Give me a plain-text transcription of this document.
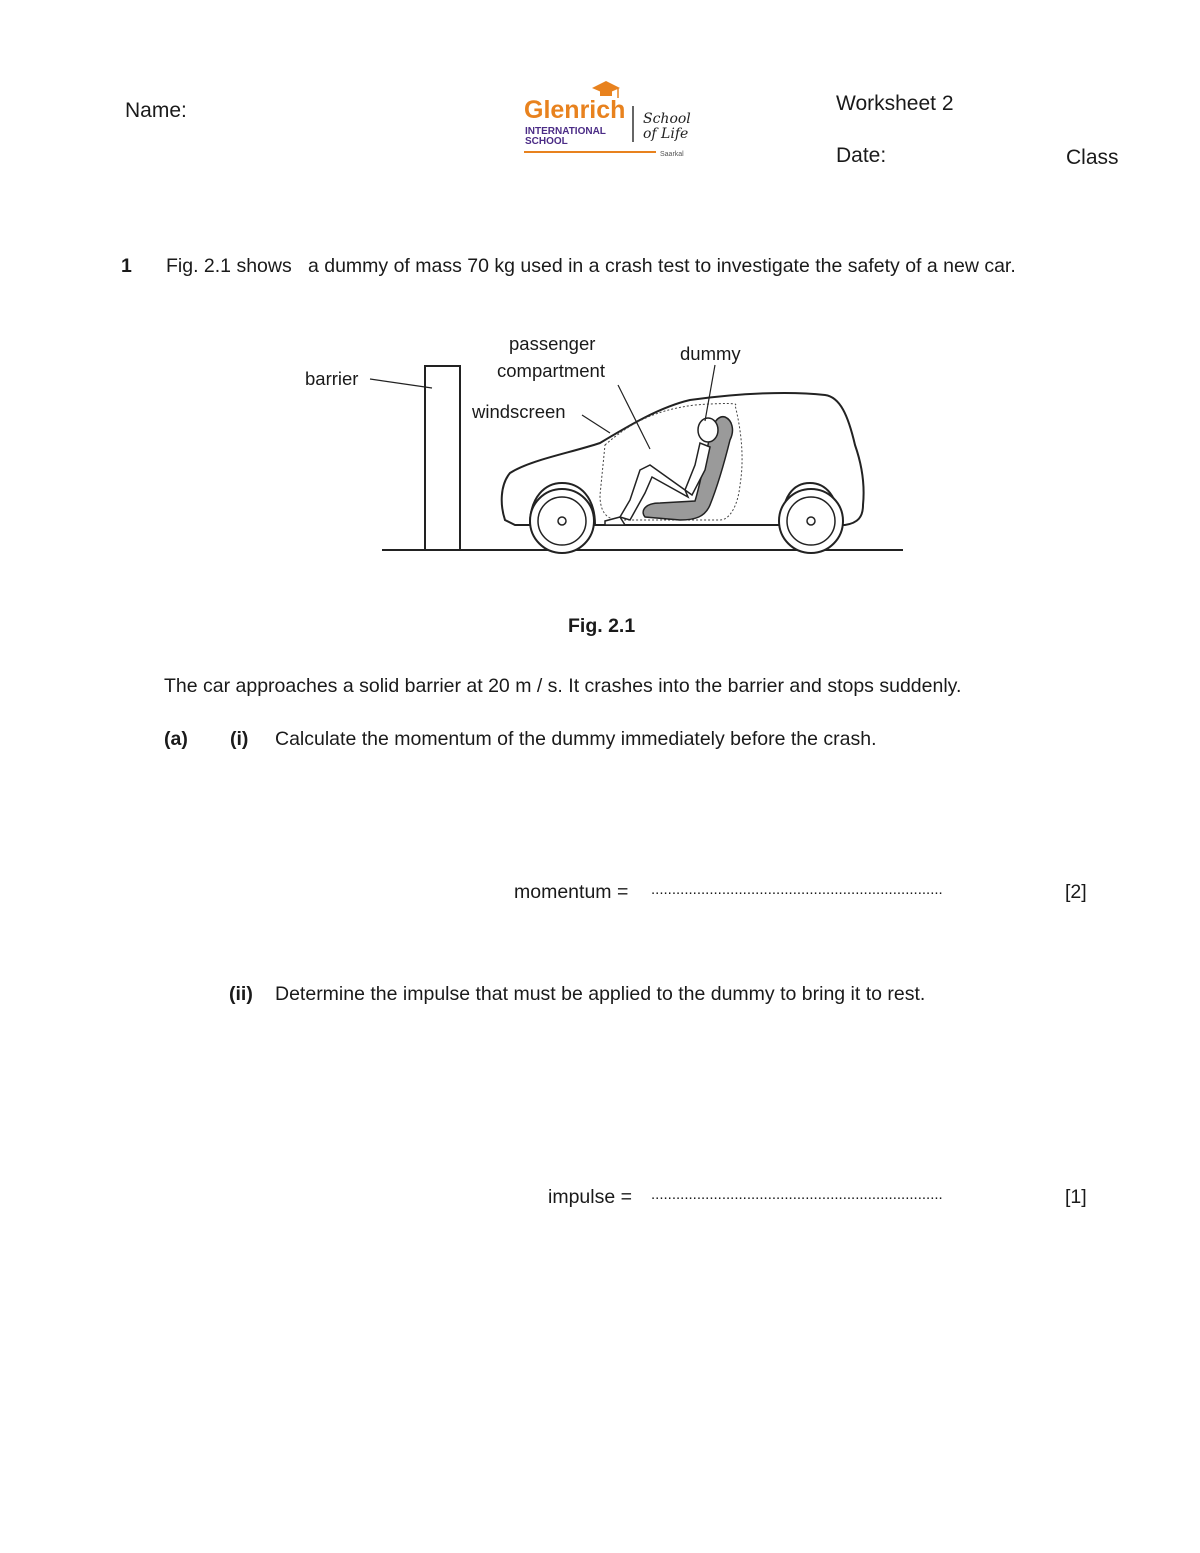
Name:	Glenrich
INTERNATIONAL
SCHOOL
School
of Life
Saarkal
Worksheet 2
Date:	Class
1 Fig. 2.1 shows   a dummy of mass 70 kg used in a crash test to investigate the safety of a new car.
barrier
passenger
compartment
dummy
windscreen
Fig. 2.1
The car approaches a solid barrier at 20 m / s. It crashes into the barrier and stops suddenly.
(a) (i) Calculate the momentum of the dummy immediately before the crash.
momentum = ......................................................................	[2]
(ii) Determine the impulse that must be applied to the dummy to bring it to rest.
impulse = ......................................................................	[1]
